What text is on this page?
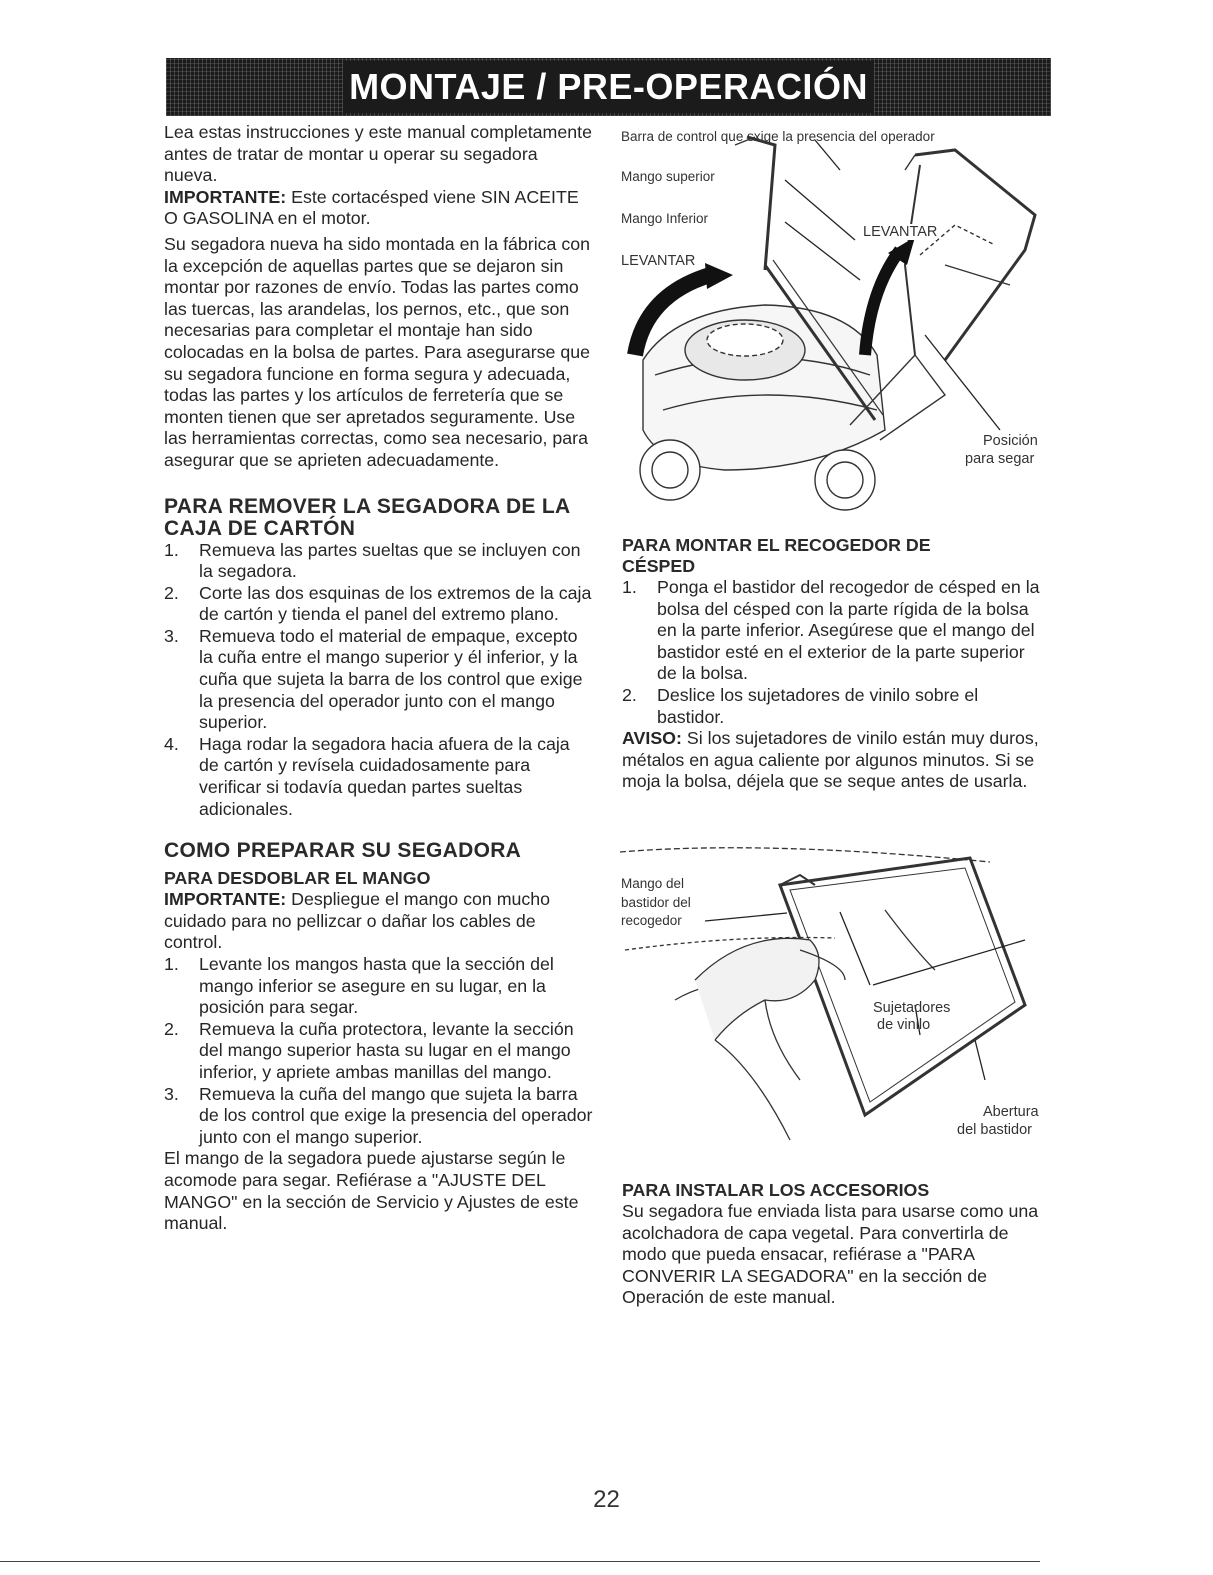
MONTAJE / PRE-OPERACIÓN

Lea estas instrucciones y este manual completamente antes de tratar de montar u operar su segadora nueva.

IMPORTANTE: Este cortacésped viene SIN ACEITE O GASOLINA en el motor.

Su segadora nueva ha sido montada en la fábrica con la excepción de aquellas partes que se dejaron sin montar por razones de envío. Todas las partes como las tuercas, las arandelas, los pernos, etc., que son necesarias para completar el montaje han sido colocadas en la bolsa de partes. Para asegurarse que su segadora funcione en forma segura y adecuada, todas las partes y los artículos de ferretería que se monten tienen que ser apretados seguramente. Use las herramientas correctas, como sea necesario, para asegurar que se aprieten adecuadamente.

PARA REMOVER LA SEGADORA DE LA CAJA DE CARTÓN
1. Remueva las partes sueltas que se incluyen con la segadora.
2. Corte las dos esquinas de los extremos de la caja de cartón y tienda el panel del extremo plano.
3. Remueva todo el material de empaque, excepto la cuña entre el mango superior y él inferior, y la cuña que sujeta la barra de los control que exige la presencia del operador junto con el mango superior.
4. Haga rodar la segadora hacia afuera de la caja de cartón y revísela cuidadosamente para verificar si todavía quedan partes sueltas adicionales.
COMO PREPARAR SU SEGADORA
PARA DESDOBLAR EL MANGO

IMPORTANTE: Despliegue el mango con mucho cuidado para no pellizcar o dañar los cables de control.

1. Levante los mangos hasta que la sección del mango inferior se asegure en su lugar, en la posición para segar.
2. Remueva la cuña protectora, levante la sección del mango superior hasta su lugar en el mango inferior, y apriete ambas manillas del mango.
3. Remueva la cuña del mango que sujeta la barra de los control que exige la presencia del operador junto con el mango superior.

El mango de la segadora puede ajustarse según le acomode para segar. Refiérase a "AJUSTE DEL MANGO" en la sección de Servicio y Ajustes de este manual.

Barra de control que sxige la presencia del operador
Mango superior
Mango Inferior
LEVANTAR
LEVANTAR
Posición
para segar
PARA MONTAR EL RECOGEDOR DE
CÉSPED
1. Ponga el bastidor del recogedor de césped en la bolsa del césped con la parte rígida de la bolsa en la parte inferior. Asegúrese que el mango del bastidor esté en el exterior de la parte superior de la bolsa.
2. Deslice los sujetadores de vinilo sobre el bastidor.

AVISO: Si los sujetadores de vinilo están muy duros, métalos en agua caliente por algunos minutos. Si se moja la bolsa, déjela que se seque antes de usarla.

Mango del
bastidor del
recogedor
Sujetadores
de vinilo
Abertura
del bastidor
PARA INSTALAR LOS ACCESORIOS

Su segadora fue enviada lista para usarse como una acolchadora de capa vegetal. Para convertirla de modo que pueda ensacar, refiérase a "PARA CONVERIR LA SEGADORA" en la sección de Operación de este manual.

22
